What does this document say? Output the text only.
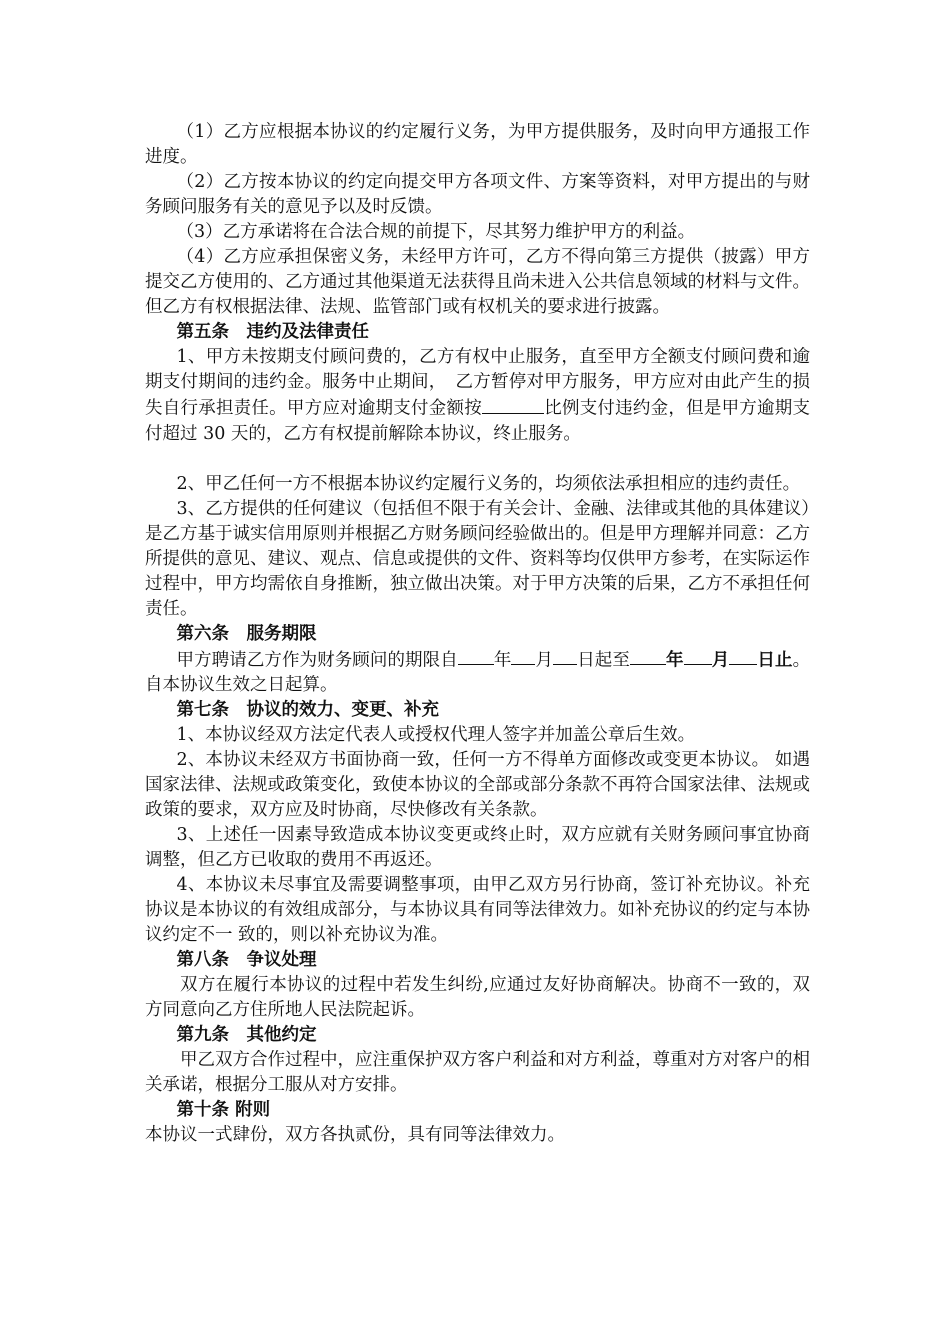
（1）乙方应根据本协议的约定履行义务，为甲方提供服务，及时向甲方通报工作进度。

（2）乙方按本协议的约定向提交甲方各项文件、方案等资料，对甲方提出的与财务顾问服务有关的意见予以及时反馈。

（3）乙方承诺将在合法合规的前提下，尽其努力维护甲方的利益。

（4）乙方应承担保密义务，未经甲方许可，乙方不得向第三方提供（披露）甲方提交乙方使用的、乙方通过其他渠道无法获得且尚未进入公共信息领域的材料与文件。但乙方有权根据法律、法规、监管部门或有权机关的要求进行披露。

第五条　违约及法律责任

1、甲方未按期支付顾问费的，乙方有权中止服务，直至甲方全额支付顾问费和逾期支付期间的违约金。服务中止期间，　乙方暂停对甲方服务，甲方应对由此产生的损失自行承担责任。甲方应对逾期支付金额按	比例支付违约金，但是甲方逾期支付超过 30 天的，乙方有权提前解除本协议，终止服务。

2、甲乙任何一方不根据本协议约定履行义务的，均须依法承担相应的违约责任。

3、乙方提供的任何建议（包括但不限于有关会计、金融、法律或其他的具体建议）是乙方基于诚实信用原则并根据乙方财务顾问经验做出的。但是甲方理解并同意：乙方所提供的意见、建议、观点、信息或提供的文件、资料等均仅供甲方参考，在实际运作过程中，甲方均需依自身推断，独立做出决策。对于甲方决策的后果，乙方不承担任何责任。

第六条　服务期限

甲方聘请乙方作为财务顾问的期限自 年 月 日起至 年 月 日止。自本协议生效之日起算。

第七条　协议的效力、变更、补充

1、本协议经双方法定代表人或授权代理人签字并加盖公章后生效。

2、本协议未经双方书面协商一致，任何一方不得单方面修改或变更本协议。 如遇国家法律、法规或政策变化，致使本协议的全部或部分条款不再符合国家法律、法规或政策的要求，双方应及时协商，尽快修改有关条款。

3、上述任一因素导致造成本协议变更或终止时，双方应就有关财务顾问事宜协商调整，但乙方已收取的费用不再返还。

4、本协议未尽事宜及需要调整事项，由甲乙双方另行协商，签订补充协议。补充协议是本协议的有效组成部分，与本协议具有同等法律效力。如补充协议的约定与本协议约定不一 致的，则以补充协议为准。

第八条　争议处理

双方在履行本协议的过程中若发生纠纷,应通过友好协商解决。协商不一致的，双方同意向乙方住所地人民法院起诉。

第九条　其他约定

甲乙双方合作过程中，应注重保护双方客户利益和对方利益，尊重对方对客户的相关承诺，根据分工服从对方安排。

第十条 附则

本协议一式肆份，双方各执贰份，具有同等法律效力。
